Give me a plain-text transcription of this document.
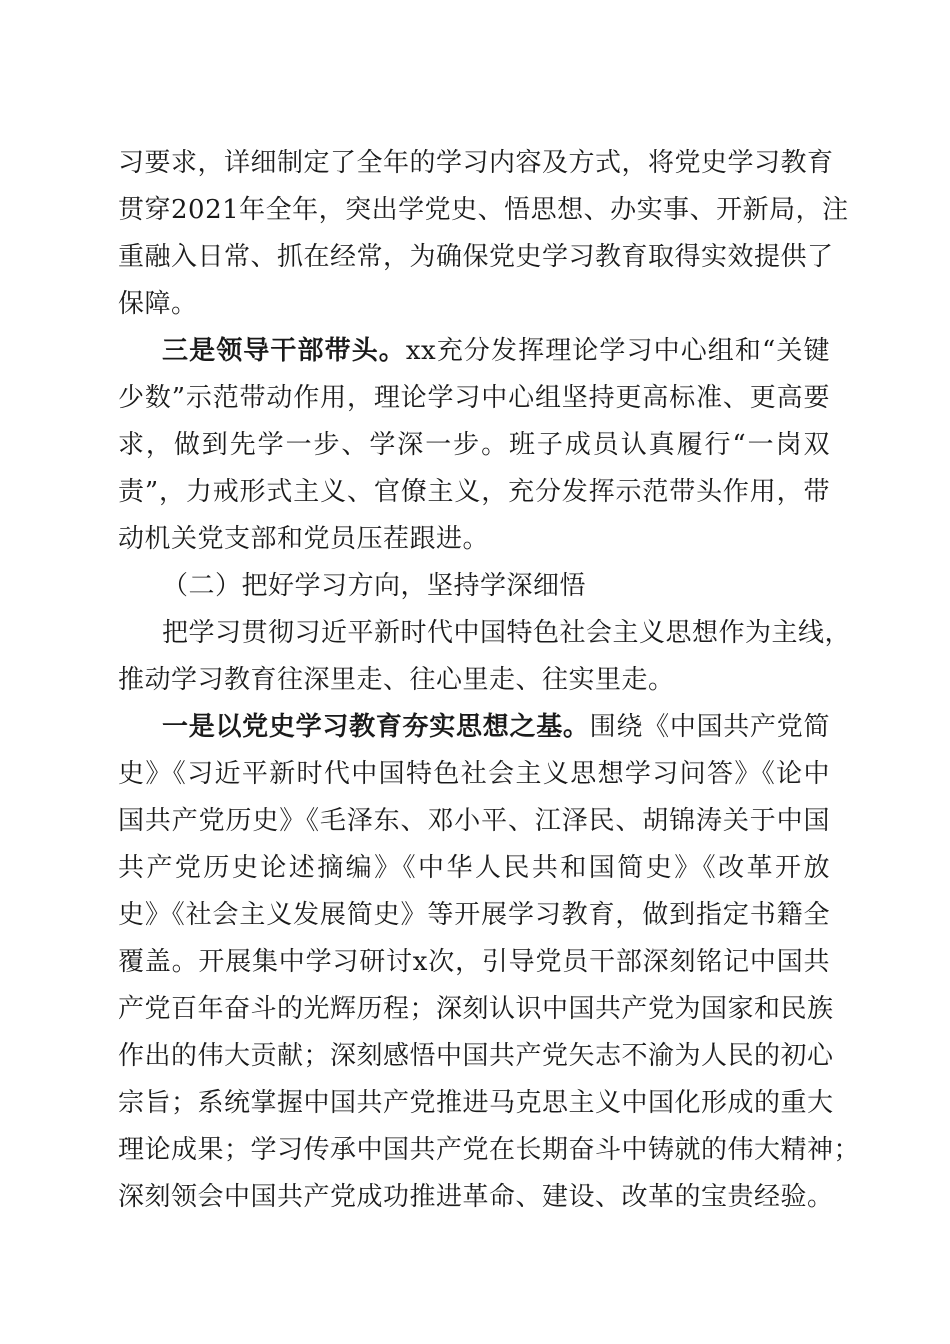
习要求，详细制定了全年的学习内容及方式，将党史学习教育
贯穿2021年全年，突出学党史、悟思想、办实事、开新局，注
重融入日常、抓在经常，为确保党史学习教育取得实效提供了
保障。
三是领导干部带头。xx充分发挥理论学习中心组和“关键
少数”示范带动作用，理论学习中心组坚持更高标准、更高要
求，做到先学一步、学深一步。班子成员认真履行“一岗双
责”，力戒形式主义、官僚主义，充分发挥示范带头作用，带
动机关党支部和党员压茬跟进。
（二）把好学习方向，坚持学深细悟
把学习贯彻习近平新时代中国特色社会主义思想作为主线，
推动学习教育往深里走、往心里走、往实里走。
一是以党史学习教育夯实思想之基。围绕《中国共产党简
史》《习近平新时代中国特色社会主义思想学习问答》《论中
国共产党历史》《毛泽东、邓小平、江泽民、胡锦涛关于中国
共产党历史论述摘编》《中华人民共和国简史》《改革开放
史》《社会主义发展简史》等开展学习教育，做到指定书籍全
覆盖。开展集中学习研讨x次，引导党员干部深刻铭记中国共
产党百年奋斗的光辉历程；深刻认识中国共产党为国家和民族
作出的伟大贡献；深刻感悟中国共产党矢志不渝为人民的初心
宗旨；系统掌握中国共产党推进马克思主义中国化形成的重大
理论成果；学习传承中国共产党在长期奋斗中铸就的伟大精神；
深刻领会中国共产党成功推进革命、建设、改革的宝贵经验。
